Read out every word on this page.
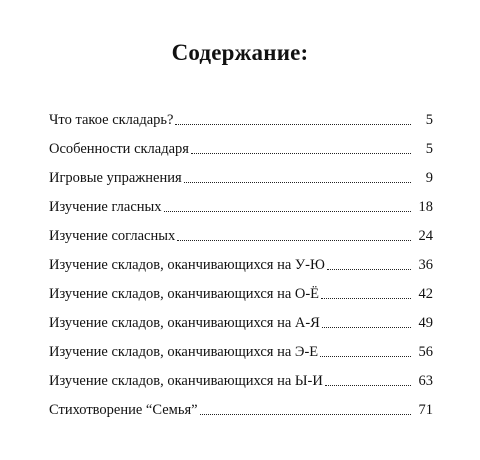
Содержание:
Что такое складарь?	5
Особенности складаря	5
Игровые упражнения	9
Изучение гласных	18
Изучение согласных	24
Изучение складов, оканчивающихся на У-Ю	36
Изучение складов, оканчивающихся на О-Ё	42
Изучение складов, оканчивающихся на А-Я	49
Изучение складов, оканчивающихся на Э-Е	56
Изучение складов, оканчивающихся на Ы-И	63
Стихотворение “Семья”	71
